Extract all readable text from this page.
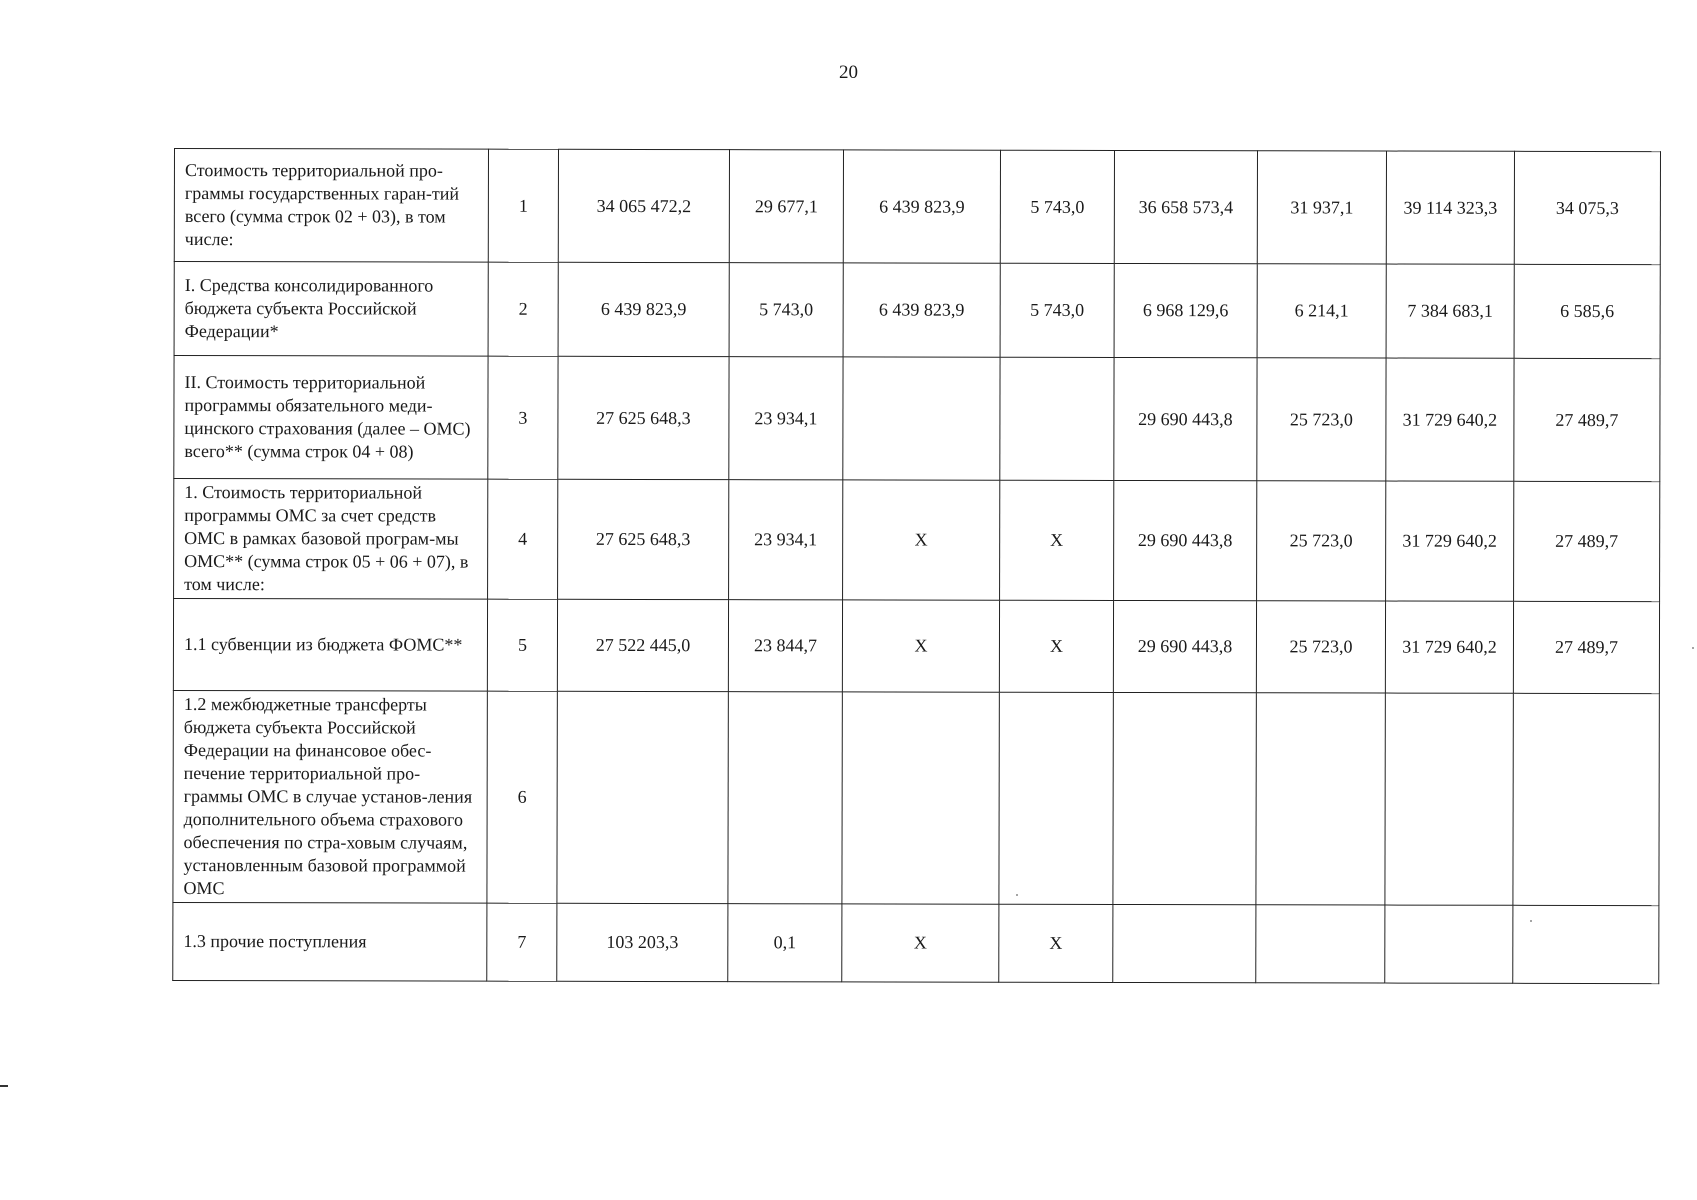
20
Стоимость территориальной про-граммы государственных гаран-тий всего (сумма строк 02 + 03), в том числе:	1	34 065 472,2	29 677,1	6 439 823,9	5 743,0	36 658 573,4	31 937,1	39 114 323,3	34 075,3
I. Средства консолидированного бюджета субъекта Российской Федерации*	2	6 439 823,9	5 743,0	6 439 823,9	5 743,0	6 968 129,6	6 214,1	7 384 683,1	6 585,6
II. Стоимость территориальной программы обязательного меди-цинского страхования (далее – ОМС) всего** (сумма строк 04 + 08)	3	27 625 648,3	23 934,1			29 690 443,8	25 723,0	31 729 640,2	27 489,7
1. Стоимость территориальной программы ОМС за счет средств ОМС в рамках базовой програм-мы ОМС** (сумма строк 05 + 06 + 07), в том числе:	4	27 625 648,3	23 934,1	X	X	29 690 443,8	25 723,0	31 729 640,2	27 489,7
1.1 субвенции из бюджета ФОМС**	5	27 522 445,0	23 844,7	X	X	29 690 443,8	25 723,0	31 729 640,2	27 489,7
1.2 межбюджетные трансферты бюджета субъекта Российской Федерации на финансовое обес-печение территориальной про-граммы ОМС в случае установ-ления дополнительного объема страхового обеспечения по стра-ховым случаям, установленным базовой программой ОМС	6								
1.3 прочие поступления	7	103 203,3	0,1	X	X				
